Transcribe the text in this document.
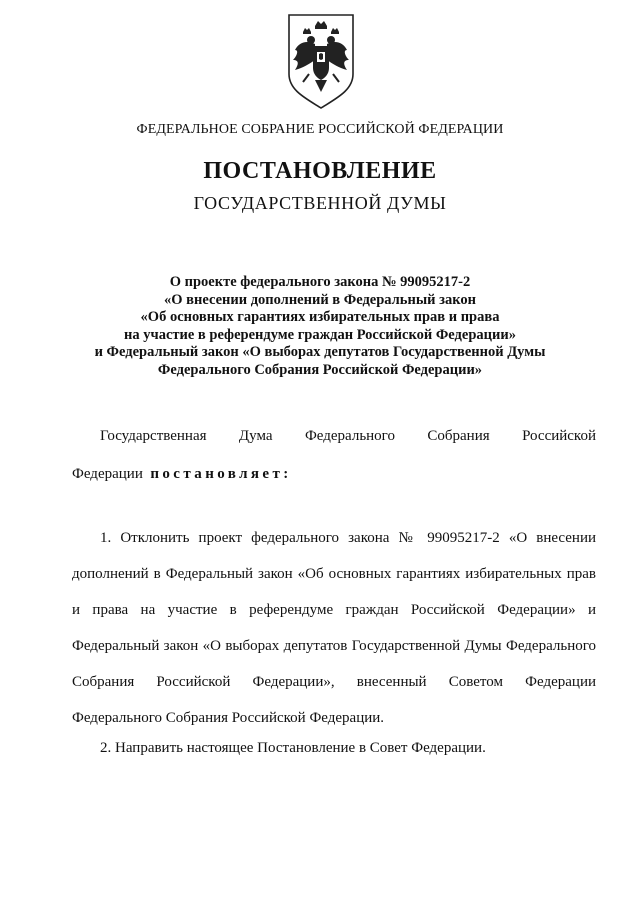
ФЕДЕРАЛЬНОЕ СОБРАНИЕ РОССИЙСКОЙ ФЕДЕРАЦИИ
ПОСТАНОВЛЕНИЕ
ГОСУДАРСТВЕННОЙ ДУМЫ
О проекте федерального закона № 99095217-2
«О внесении дополнений в Федеральный закон
«Об основных гарантиях избирательных прав и права
на участие в референдуме граждан Российской Федерации»
и Федеральный закон «О выборах депутатов Государственной Думы
Федерального Собрания Российской Федерации»
Государственная Дума Федерального Собрания Российской
Федерации постановляет:
1. Отклонить проект федерального закона № 99095217-2 «О внесении
дополнений в Федеральный закон «Об основных гарантиях избирательных прав
и права на участие в референдуме граждан Российской Федерации» и
Федеральный закон «О выборах депутатов Государственной Думы Федерального
Собрания Российской Федерации», внесенный Советом Федерации
Федерального Собрания Российской Федерации.
2. Направить настоящее Постановление в Совет Федерации.
